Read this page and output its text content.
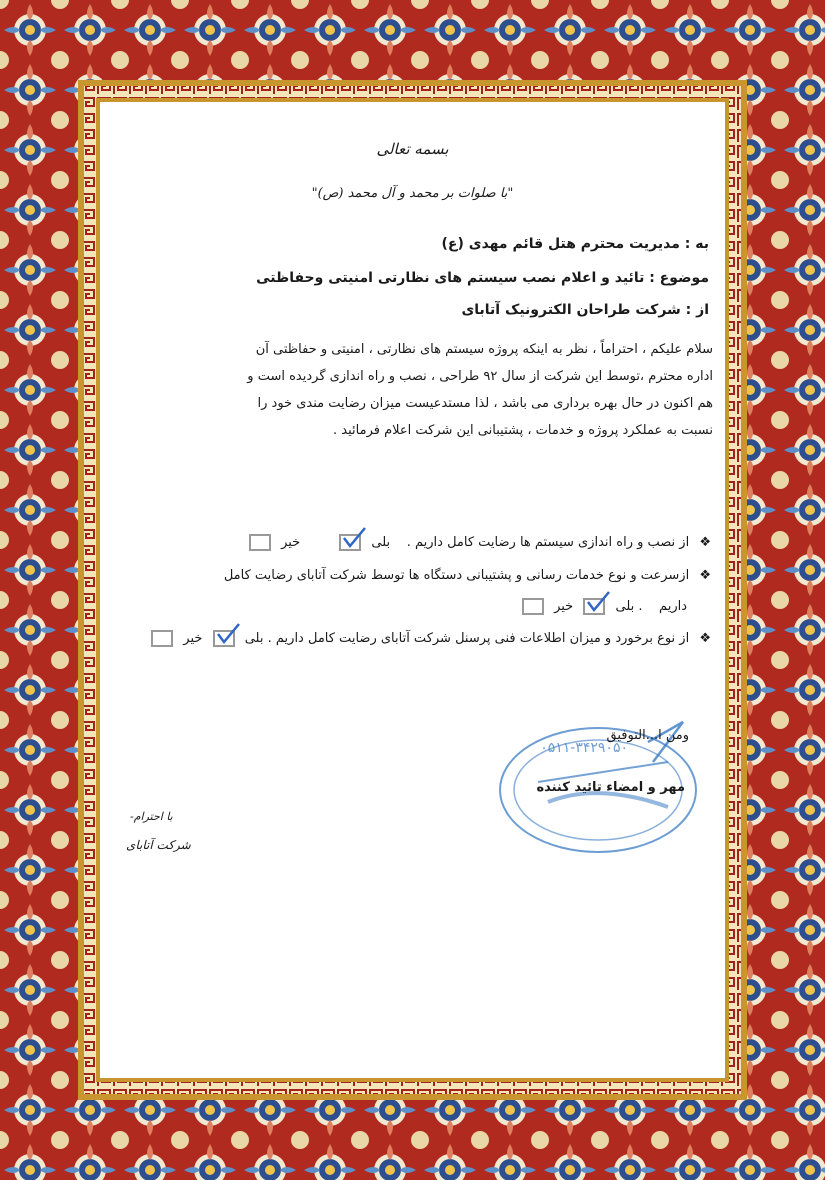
بسمه تعالی
"با صلوات بر محمد و آل محمد (ص)"
به : مدیریت محترم هتل قائم مهدی (ع)
موضوع : تائید و اعلام نصب سیستم های نظارتی امنیتی وحفاظتی
از : شرکت طراحان الکترونیک آتابای
سلام علیکم ، احتراماً ، نظر به اینکه پروژه سیستم های نظارتی ، امنیتی و حفاظتی آن
اداره محترم ،توسط این شرکت از سال ۹۲ طراحی ، نصب و راه اندازی گردیده است و
هم اکنون در حال بهره برداری می باشد ، لذا مستدعیست میزان رضایت مندی خود را
نسبت به عملکرد پروژه و خدمات ، پشتیبانی این شرکت اعلام فرمائید .
❖ از نصب و راه اندازی سیستم ها رضایت کامل داریم .    بلی
خیر
❖ ازسرعت و نوع خدمات رسانی و پشتیبانی دستگاه ها توسط شرکت آتابای رضایت کامل
داریم    . بلی
خیر
❖ از نوع برخورد و میزان اطلاعات فنی پرسنل شرکت آتابای رضایت کامل داریم . بلی
خیر
۰۵۱۱-۳۴۲۹۰۵۰
ومن ا...التوفیق
مهر و امضاء تائید کننده
با احترام-
شرکت آتابای
